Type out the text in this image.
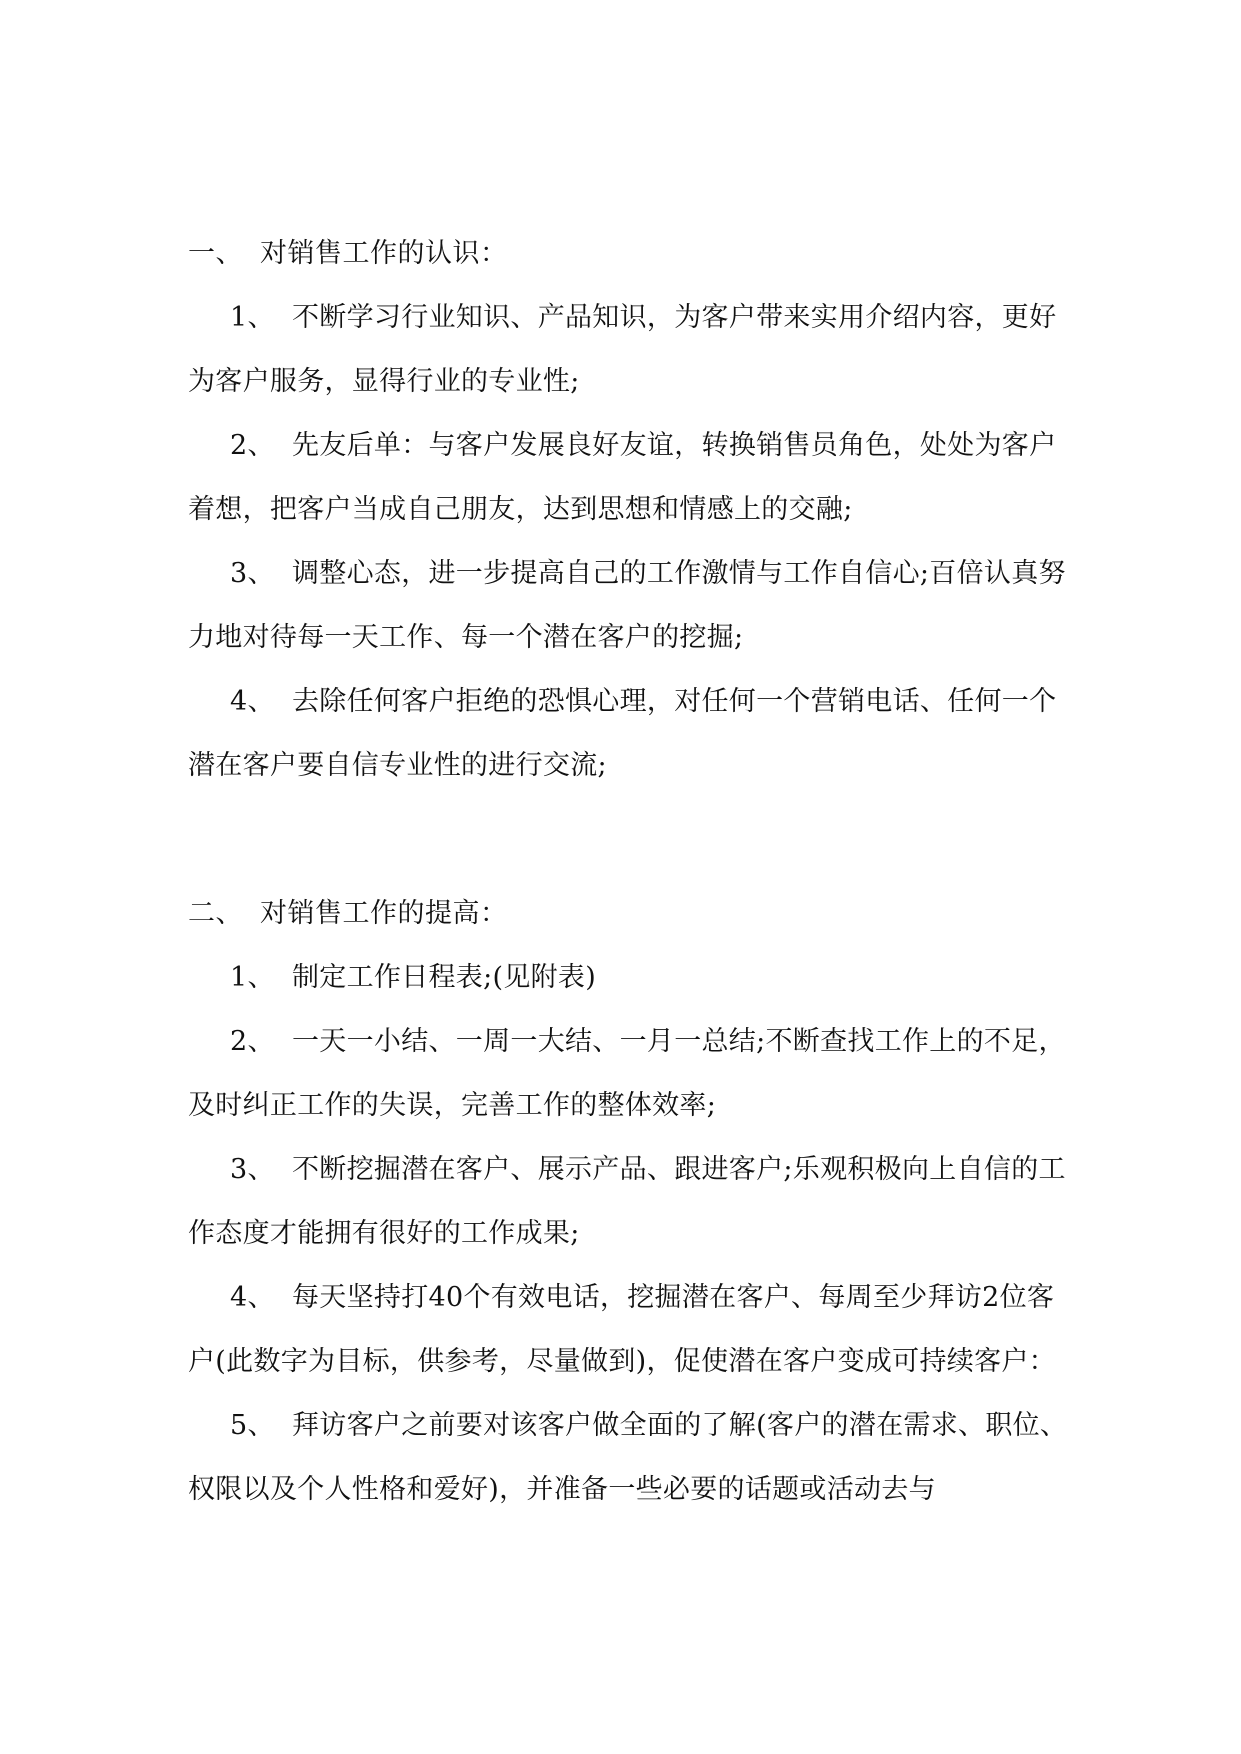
一、 对销售工作的认识：

1、 不断学习行业知识、产品知识，为客户带来实用介绍内容，更好为客户服务，显得行业的专业性;

2、 先友后单：与客户发展良好友谊，转换销售员角色，处处为客户着想，把客户当成自己朋友，达到思想和情感上的交融;

3、 调整心态，进一步提高自己的工作激情与工作自信心;百倍认真努力地对待每一天工作、每一个潜在客户的挖掘;

4、 去除任何客户拒绝的恐惧心理，对任何一个营销电话、任何一个潜在客户要自信专业性的进行交流;

二、 对销售工作的提高：

1、 制定工作日程表;(见附表)

2、 一天一小结、一周一大结、一月一总结;不断查找工作上的不足，及时纠正工作的失误，完善工作的整体效率;

3、 不断挖掘潜在客户、展示产品、跟进客户;乐观积极向上自信的工作态度才能拥有很好的工作成果;

4、 每天坚持打40个有效电话，挖掘潜在客户、每周至少拜访2位客户(此数字为目标，供参考，尽量做到)，促使潜在客户变成可持续客户：

5、 拜访客户之前要对该客户做全面的了解(客户的潜在需求、职位、权限以及个人性格和爱好)，并准备一些必要的话题或活动去与
